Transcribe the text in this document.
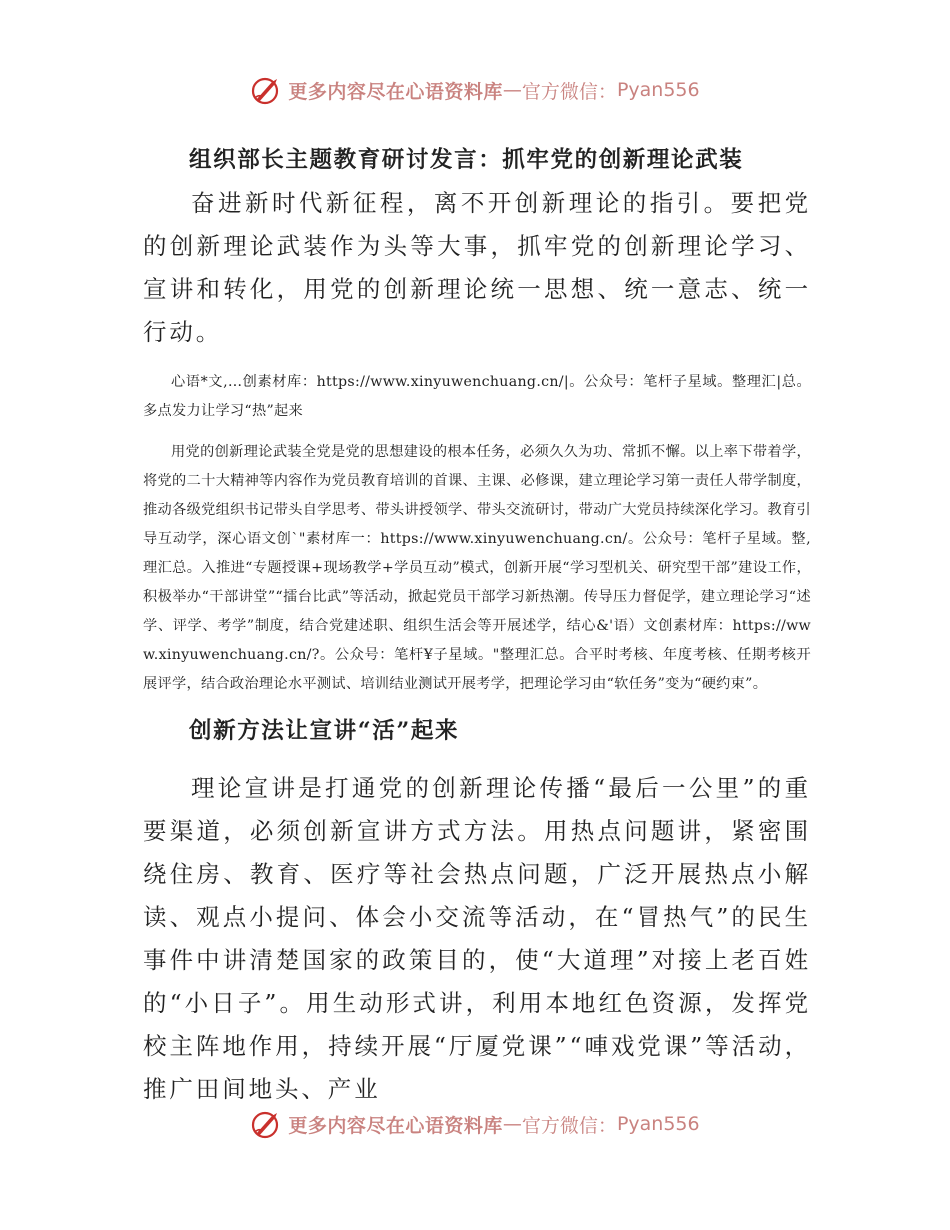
更多内容尽在心语资料库 — 官方微信： Pyan556
组织部长主题教育研讨发言：抓牢党的创新理论武装

奋进新时代新征程，离不开创新理论的指引。要把党的创新理论武装作为头等大事，抓牢党的创新理论学习、宣讲和转化，用党的创新理论统一思想、统一意志、统一行动。

心语*文,…创素材库：https://www.xinyuwenchuang.cn/|。公众号：笔杆子星域。整理汇|总。多点发力让学习“热”起来

用党的创新理论武装全党是党的思想建设的根本任务，必须久久为功、常抓不懈。以上率下带着学，将党的二十大精神等内容作为党员教育培训的首课、主课、必修课，建立理论学习第一责任人带学制度，推动各级党组织书记带头自学思考、带头讲授领学、带头交流研讨，带动广大党员持续深化学习。教育引导互动学，深心语文创`"素材库一：https://www.xinyuwenchuang.cn/。公众号：笔杆子星域。整,理汇总。入推进“专题授课+现场教学+学员互动”模式，创新开展“学习型机关、研究型干部”建设工作，积极举办“干部讲堂”“擂台比武”等活动，掀起党员干部学习新热潮。传导压力督促学，建立理论学习“述学、评学、考学”制度，结合党建述职、组织生活会等开展述学，结心&'语）文创素材库：https://www.xinyuwenchuang.cn/?。公众号：笔杆¥子星域。"整理汇总。合平时考核、年度考核、任期考核开展评学，结合政治理论水平测试、培训结业测试开展考学，把理论学习由“软任务”变为“硬约束”。

创新方法让宣讲“活”起来

理论宣讲是打通党的创新理论传播“最后一公里”的重要渠道，必须创新宣讲方式方法。用热点问题讲，紧密围绕住房、教育、医疗等社会热点问题，广泛开展热点小解读、观点小提问、体会小交流等活动，在“冒热气”的民生事件中讲清楚国家的政策目的，使“大道理”对接上老百姓的“小日子”。用生动形式讲，利用本地红色资源，发挥党校主阵地作用，持续开展“厅厦党课”“唓戏党课”等活动，推广田间地头、产业

更多内容尽在心语资料库 — 官方微信： Pyan556
